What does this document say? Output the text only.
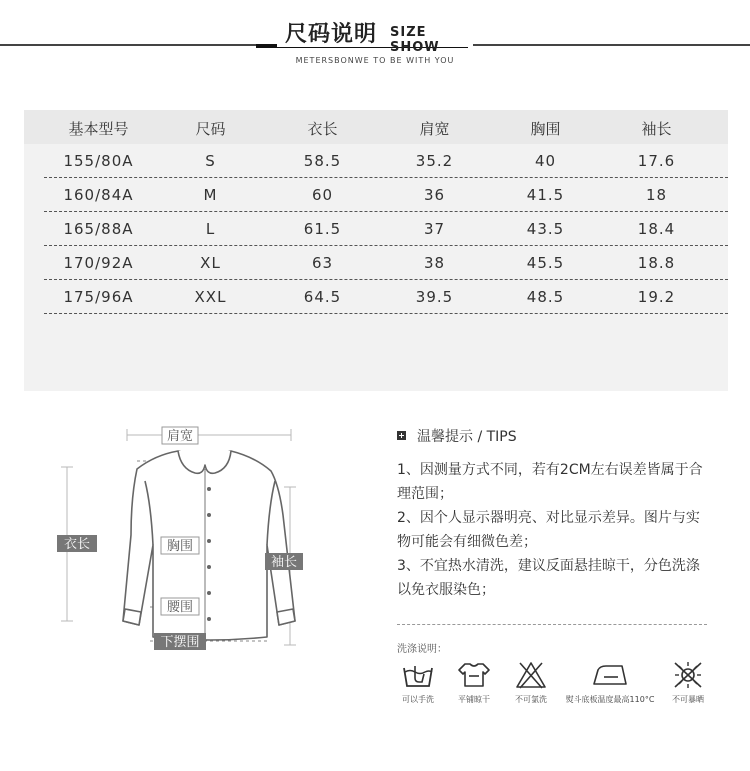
尺码说明 SIZE SHOW
METERSBONWE TO BE WITH YOU
基本型号	尺码	衣长	肩宽	胸围	袖长
155/80A	S	58.5	35.2	40	17.6
160/84A	M	60	36	41.5	18
165/88A	L	61.5	37	43.5	18.4
170/92A	XL	63	38	45.5	18.8
175/96A	XXL	64.5	39.5	48.5	19.2
肩宽
衣长	胸围
袖长
腰围
下摆围
温馨提示 / TIPS
1、因测量方式不同，若有2CM左右误差皆属于合理范围；
2、因个人显示器明亮、对比显示差异。图片与实物可能会有细微色差；
3、不宜热水清洗，建议反面悬挂晾干，分色洗涤以免衣服染色；
洗涤说明：
可以手洗	平铺晾干	不可氯洗	熨斗底板温度最高110°C	不可暴晒
